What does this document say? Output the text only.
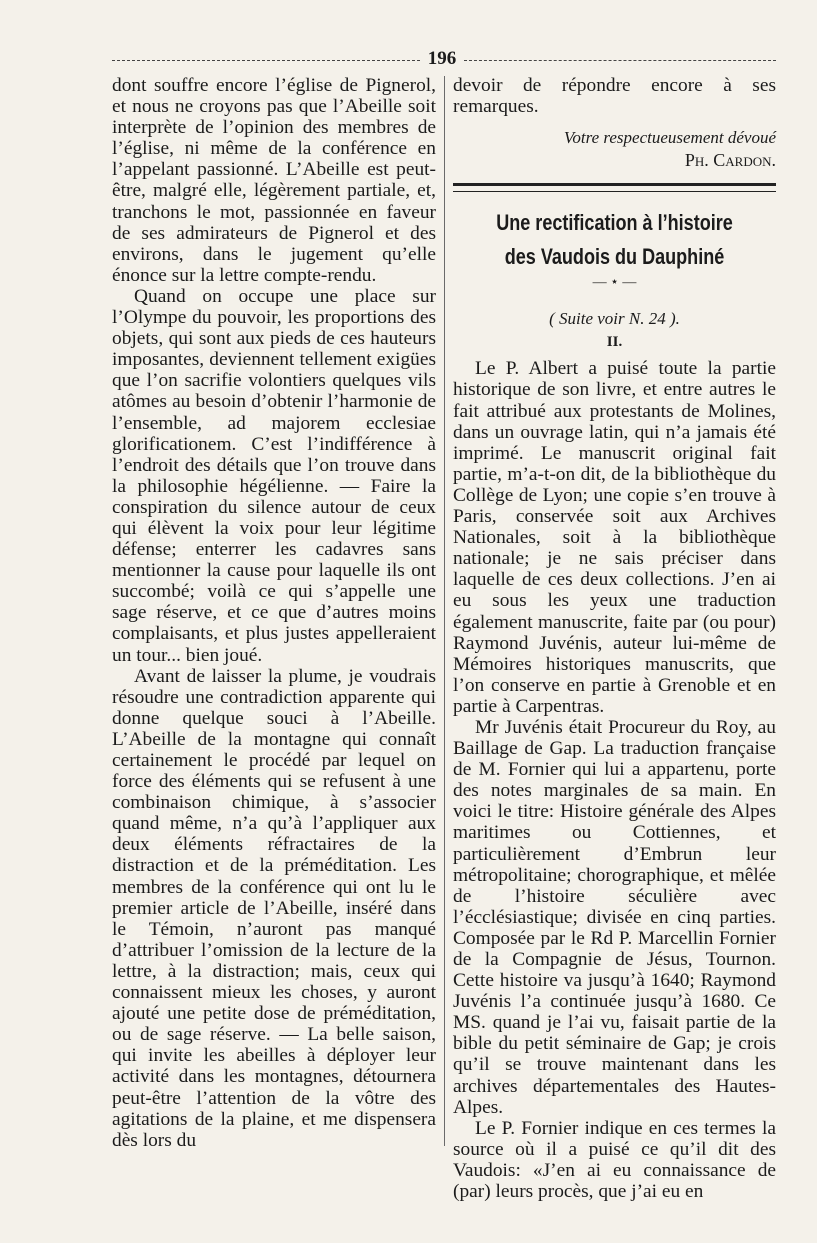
196

dont souffre encore l’église de Pignerol, et nous ne croyons pas que l’Abeille soit interprète de l’opinion des membres de l’église, ni même de la conférence en l’appelant passionné. L’Abeille est peut-être, malgré elle, légèrement partiale, et, tranchons le mot, passionnée en faveur de ses admirateurs de Pignerol et des environs, dans le jugement qu’elle énonce sur la lettre compte-rendu.

Quand on occupe une place sur l’Olympe du pouvoir, les proportions des objets, qui sont aux pieds de ces hauteurs imposantes, deviennent tellement exigües que l’on sacrifie volontiers quelques vils atômes au besoin d’obtenir l’harmonie de l’ensemble, ad majorem ecclesiae glorificationem. C’est l’indifférence à l’endroit des détails que l’on trouve dans la philosophie hégélienne. — Faire la conspiration du silence autour de ceux qui élèvent la voix pour leur légitime défense; enterrer les cadavres sans mentionner la cause pour laquelle ils ont succombé; voilà ce qui s’appelle une sage réserve, et ce que d’autres moins complaisants, et plus justes appelleraient un tour... bien joué.

Avant de laisser la plume, je voudrais résoudre une contradiction apparente qui donne quelque souci à l’Abeille. L’Abeille de la montagne qui connaît certainement le procédé par lequel on force des éléments qui se refusent à une combinaison chimique, à s’associer quand même, n’a qu’à l’appliquer aux deux éléments réfractaires de la distraction et de la préméditation. Les membres de la conférence qui ont lu le premier article de l’Abeille, inséré dans le Témoin, n’auront pas manqué d’attribuer l’omission de la lecture de la lettre, à la distraction; mais, ceux qui connaissent mieux les choses, y auront ajouté une petite dose de préméditation, ou de sage réserve. — La belle saison, qui invite les abeilles à déployer leur activité dans les montagnes, détournera peut-être l’attention de la vôtre des agitations de la plaine, et me dispensera dès lors du

devoir de répondre encore à ses remarques.

Votre respectueusement dévoué
Ph. Cardon.
Une rectification à l’histoire
des Vaudois du Dauphiné
— ⋆ —
( Suite voir N. 24 ).
II.

Le P. Albert a puisé toute la partie historique de son livre, et entre autres le fait attribué aux protestants de Molines, dans un ouvrage latin, qui n’a jamais été imprimé. Le manuscrit original fait partie, m’a-t-on dit, de la bibliothèque du Collège de Lyon; une copie s’en trouve à Paris, conservée soit aux Archives Nationales, soit à la bibliothèque nationale; je ne sais préciser dans laquelle de ces deux collections. J’en ai eu sous les yeux une traduction également manuscrite, faite par (ou pour) Raymond Juvénis, auteur lui-même de Mémoires historiques manuscrits, que l’on conserve en partie à Grenoble et en partie à Carpentras.

Mr Juvénis était Procureur du Roy, au Baillage de Gap. La traduction française de M. Fornier qui lui a appartenu, porte des notes marginales de sa main. En voici le titre: Histoire générale des Alpes maritimes ou Cottiennes, et particulièrement d’Embrun leur métropolitaine; chorographique, et mêlée de l’histoire séculière avec l’écclésiastique; divisée en cinq parties. Composée par le Rd P. Marcellin Fornier de la Compagnie de Jésus, Tournon. Cette histoire va jusqu’à 1640; Raymond Juvénis l’a continuée jusqu’à 1680. Ce MS. quand je l’ai vu, faisait partie de la bible du petit séminaire de Gap; je crois qu’il se trouve maintenant dans les archives départementales des Hautes-Alpes.

Le P. Fornier indique en ces termes la source où il a puisé ce qu’il dit des Vaudois: «J’en ai eu connaissance de (par) leurs procès, que j’ai eu en
